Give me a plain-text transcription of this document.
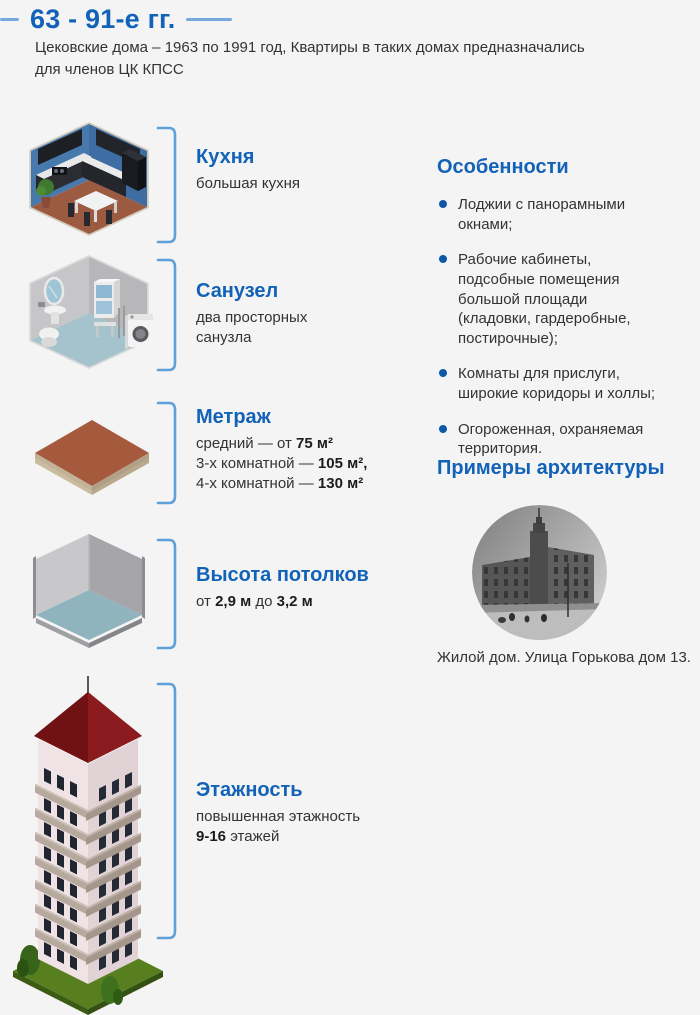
63 - 91-е гг.

Цековские дома – 1963 по 1991 год, Квартиры в таких домах предназначались для членов ЦК КПСС

Кухня
большая кухня
Санузел
два просторных
санузла
Метраж
средний — от 75 м²
3-х комнатной — 105 м²,
4-х комнатной — 130 м²
Высота потолков
от 2,9 м до 3,2 м
Этажность
повышенная этажность
9-16 этажей
Особенности
Лоджии с панорамными окнами;
Рабочие кабинеты, подсобные помещения большой площади (кладовки, гардеробные, постирочные);
Комнаты для прислуги, широкие коридоры и холлы;
Огороженная, охраняемая территория.
Примеры архитектуры

Жилой дом. Улица Горькова дом 13.
